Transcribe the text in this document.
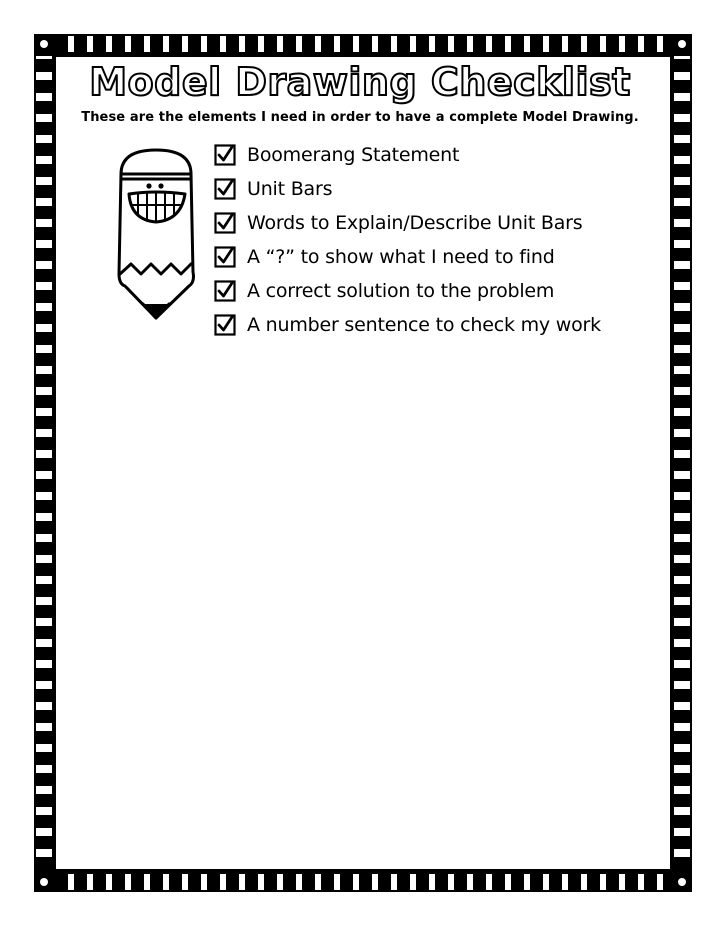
Model Drawing Checklist

These are the elements I need in order to have a complete Model Drawing.

Boomerang Statement
Unit Bars
Words to Explain/Describe Unit Bars
A “?” to show what I need to find
A correct solution to the problem
A number sentence to check my work
